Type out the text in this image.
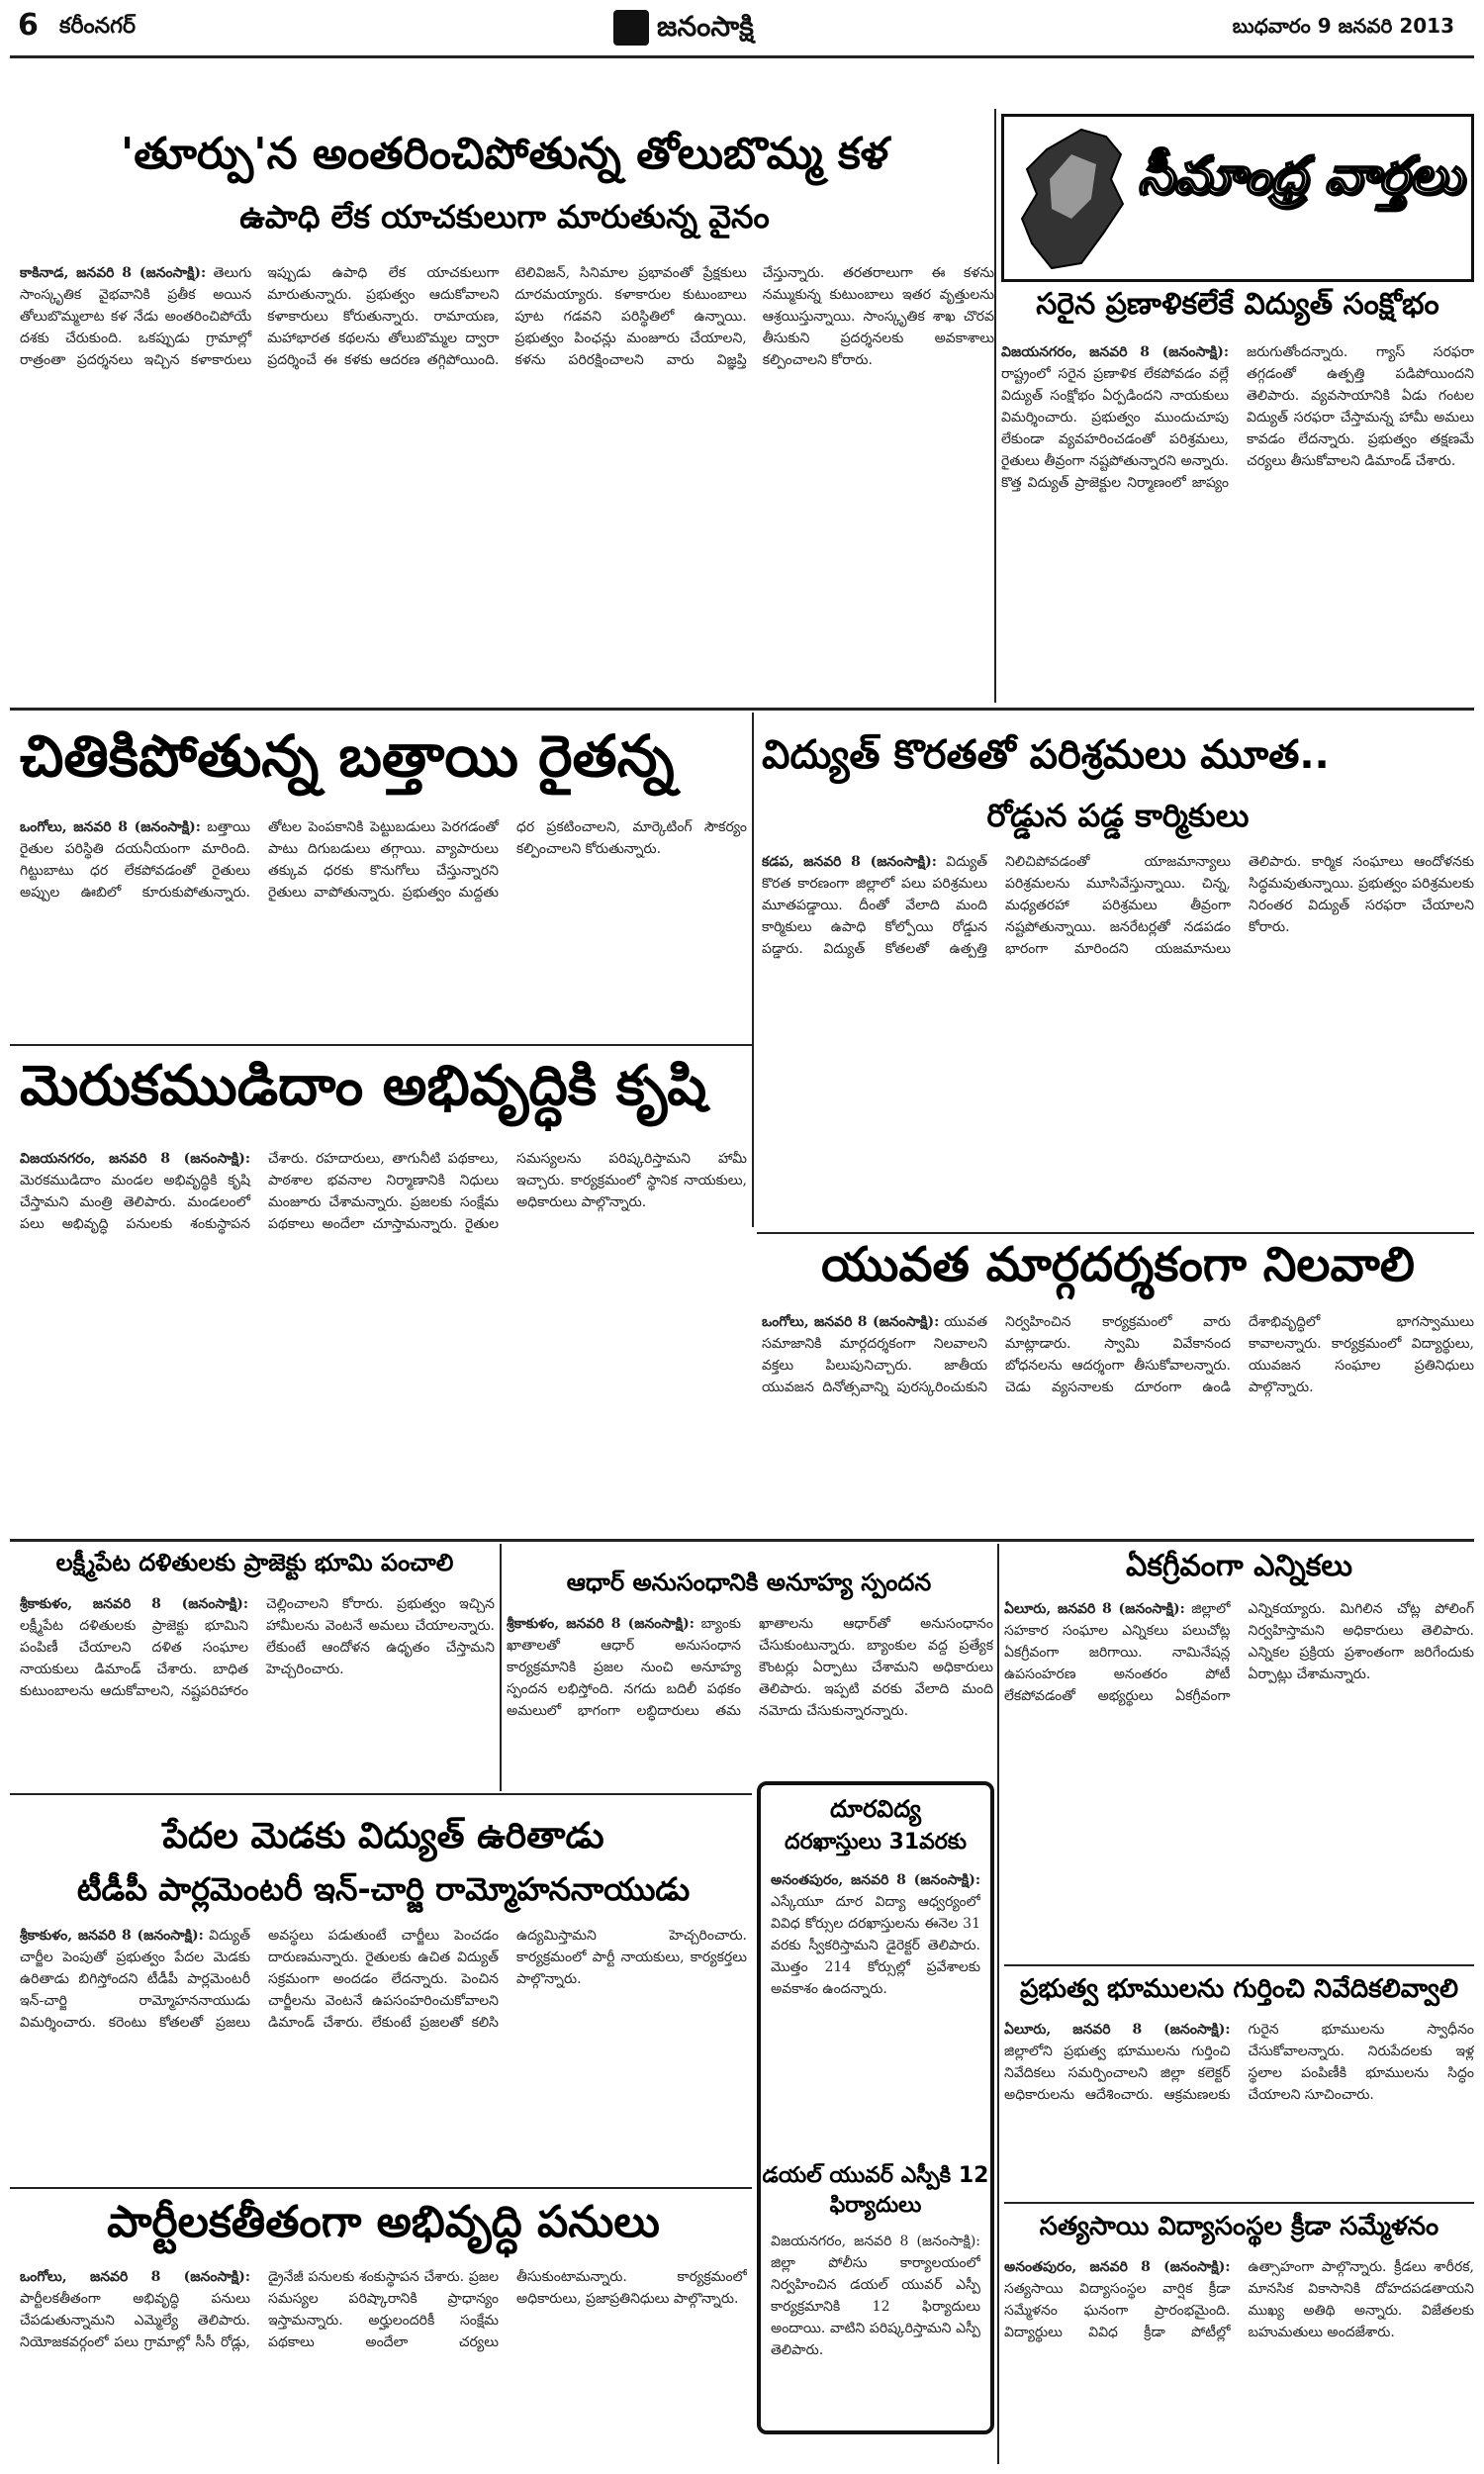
6 కరీంనగర్	జనంసాక్షి	బుధవారం 9 జనవరి 2013
'తూర్పు'న అంతరించిపోతున్న తోలుబొమ్మ కళ
ఉపాధి లేక యాచకులుగా మారుతున్న వైనం
కాకినాడ, జనవరి 8 (జనంసాక్షి): తెలుగు సాంస్కృతిక వైభవానికి ప్రతీక అయిన తోలుబొమ్మలాట కళ నేడు అంతరించిపోయే దశకు చేరుకుంది. ఒకప్పుడు గ్రామాల్లో రాత్రంతా ప్రదర్శనలు ఇచ్చిన కళాకారులు ఇప్పుడు ఉపాధి లేక యాచకులుగా మారుతున్నారు. ప్రభుత్వం ఆదుకోవాలని కళాకారులు కోరుతున్నారు. రామాయణ, మహాభారత కథలను తోలుబొమ్మల ద్వారా ప్రదర్శించే ఈ కళకు ఆదరణ తగ్గిపోయింది. టెలివిజన్, సినిమాల ప్రభావంతో ప్రేక్షకులు దూరమయ్యారు. కళాకారుల కుటుంబాలు పూట గడవని పరిస్థితిలో ఉన్నాయి. ప్రభుత్వం పింఛన్లు మంజూరు చేయాలని, కళను పరిరక్షించాలని వారు విజ్ఞప్తి చేస్తున్నారు. తరతరాలుగా ఈ కళను నమ్ముకున్న కుటుంబాలు ఇతర వృత్తులను ఆశ్రయిస్తున్నాయి. సాంస్కృతిక శాఖ చొరవ తీసుకుని ప్రదర్శనలకు అవకాశాలు కల్పించాలని కోరారు.
సీమాంధ్ర వార్తలు
సరైన ప్రణాళికలేకే విద్యుత్ సంక్షోభం
విజయనగరం, జనవరి 8 (జనంసాక్షి): రాష్ట్రంలో సరైన ప్రణాళిక లేకపోవడం వల్లే విద్యుత్ సంక్షోభం ఏర్పడిందని నాయకులు విమర్శించారు. ప్రభుత్వం ముందుచూపు లేకుండా వ్యవహరించడంతో పరిశ్రమలు, రైతులు తీవ్రంగా నష్టపోతున్నారని అన్నారు. కొత్త విద్యుత్ ప్రాజెక్టుల నిర్మాణంలో జాప్యం జరుగుతోందన్నారు. గ్యాస్ సరఫరా తగ్గడంతో ఉత్పత్తి పడిపోయిందని తెలిపారు. వ్యవసాయానికి ఏడు గంటల విద్యుత్ సరఫరా చేస్తామన్న హామీ అమలు కావడం లేదన్నారు. ప్రభుత్వం తక్షణమే చర్యలు తీసుకోవాలని డిమాండ్ చేశారు.
చితికిపోతున్న బత్తాయి రైతన్న
ఒంగోలు, జనవరి 8 (జనంసాక్షి): బత్తాయి రైతుల పరిస్థితి దయనీయంగా మారింది. గిట్టుబాటు ధర లేకపోవడంతో రైతులు అప్పుల ఊబిలో కూరుకుపోతున్నారు. తోటల పెంపకానికి పెట్టుబడులు పెరగడంతో పాటు దిగుబడులు తగ్గాయి. వ్యాపారులు తక్కువ ధరకు కొనుగోలు చేస్తున్నారని రైతులు వాపోతున్నారు. ప్రభుత్వం మద్దతు ధర ప్రకటించాలని, మార్కెటింగ్ సౌకర్యం కల్పించాలని కోరుతున్నారు.
విద్యుత్ కొరతతో పరిశ్రమలు మూత..
రోడ్డున పడ్డ కార్మికులు
కడప, జనవరి 8 (జనంసాక్షి): విద్యుత్ కొరత కారణంగా జిల్లాలో పలు పరిశ్రమలు మూతపడ్డాయి. దీంతో వేలాది మంది కార్మికులు ఉపాధి కోల్పోయి రోడ్డున పడ్డారు. విద్యుత్ కోతలతో ఉత్పత్తి నిలిచిపోవడంతో యాజమాన్యాలు పరిశ్రమలను మూసివేస్తున్నాయి. చిన్న, మధ్యతరహా పరిశ్రమలు తీవ్రంగా నష్టపోతున్నాయి. జనరేటర్లతో నడపడం భారంగా మారిందని యజమానులు తెలిపారు. కార్మిక సంఘాలు ఆందోళనకు సిద్ధమవుతున్నాయి. ప్రభుత్వం పరిశ్రమలకు నిరంతర విద్యుత్ సరఫరా చేయాలని కోరారు.
మెరుకముడిదాం అభివృద్ధికి కృషి
విజయనగరం, జనవరి 8 (జనంసాక్షి): మెరకముడిదాం మండల అభివృద్ధికి కృషి చేస్తామని మంత్రి తెలిపారు. మండలంలో పలు అభివృద్ధి పనులకు శంకుస్థాపన చేశారు. రహదారులు, తాగునీటి పథకాలు, పాఠశాల భవనాల నిర్మాణానికి నిధులు మంజూరు చేశామన్నారు. ప్రజలకు సంక్షేమ పథకాలు అందేలా చూస్తామన్నారు. రైతుల సమస్యలను పరిష్కరిస్తామని హామీ ఇచ్చారు. కార్యక్రమంలో స్థానిక నాయకులు, అధికారులు పాల్గొన్నారు.
యువత మార్గదర్శకంగా నిలవాలి
ఒంగోలు, జనవరి 8 (జనంసాక్షి): యువత సమాజానికి మార్గదర్శకంగా నిలవాలని వక్తలు పిలుపునిచ్చారు. జాతీయ యువజన దినోత్సవాన్ని పురస్కరించుకుని నిర్వహించిన కార్యక్రమంలో వారు మాట్లాడారు. స్వామి వివేకానంద బోధనలను ఆదర్శంగా తీసుకోవాలన్నారు. చెడు వ్యసనాలకు దూరంగా ఉండి దేశాభివృద్ధిలో భాగస్వాములు కావాలన్నారు. కార్యక్రమంలో విద్యార్థులు, యువజన సంఘాల ప్రతినిధులు పాల్గొన్నారు.
ఏకగ్రీవంగా ఎన్నికలు
ఏలూరు, జనవరి 8 (జనంసాక్షి): జిల్లాలో సహకార సంఘాల ఎన్నికలు పలుచోట్ల ఏకగ్రీవంగా జరిగాయి. నామినేషన్ల ఉపసంహరణ అనంతరం పోటీ లేకపోవడంతో అభ్యర్థులు ఏకగ్రీవంగా ఎన్నికయ్యారు. మిగిలిన చోట్ల పోలింగ్ నిర్వహిస్తామని అధికారులు తెలిపారు. ఎన్నికల ప్రక్రియ ప్రశాంతంగా జరిగేందుకు ఏర్పాట్లు చేశామన్నారు.
లక్ష్మీపేట దళితులకు ప్రాజెక్టు భూమి పంచాలి
శ్రీకాకుళం, జనవరి 8 (జనంసాక్షి): లక్ష్మీపేట దళితులకు ప్రాజెక్టు భూమిని పంపిణీ చేయాలని దళిత సంఘాల నాయకులు డిమాండ్ చేశారు. బాధిత కుటుంబాలను ఆదుకోవాలని, నష్టపరిహారం చెల్లించాలని కోరారు. ప్రభుత్వం ఇచ్చిన హామీలను వెంటనే అమలు చేయాలన్నారు. లేకుంటే ఆందోళన ఉధృతం చేస్తామని హెచ్చరించారు.
ఆధార్ అనుసంధానికి అనూహ్య స్పందన
శ్రీకాకుళం, జనవరి 8 (జనంసాక్షి): బ్యాంకు ఖాతాలతో ఆధార్ అనుసంధాన కార్యక్రమానికి ప్రజల నుంచి అనూహ్య స్పందన లభిస్తోంది. నగదు బదిలీ పథకం అమలులో భాగంగా లబ్ధిదారులు తమ ఖాతాలను ఆధార్‌తో అనుసంధానం చేసుకుంటున్నారు. బ్యాంకుల వద్ద ప్రత్యేక కౌంటర్లు ఏర్పాటు చేశామని అధికారులు తెలిపారు. ఇప్పటి వరకు వేలాది మంది నమోదు చేసుకున్నారన్నారు.
ప్రభుత్వ భూములను గుర్తించి నివేదికలివ్వాలి
ఏలూరు, జనవరి 8 (జనంసాక్షి): జిల్లాలోని ప్రభుత్వ భూములను గుర్తించి నివేదికలు సమర్పించాలని జిల్లా కలెక్టర్ అధికారులను ఆదేశించారు. ఆక్రమణలకు గురైన భూములను స్వాధీనం చేసుకోవాలన్నారు. నిరుపేదలకు ఇళ్ల స్థలాల పంపిణీకి భూములను సిద్ధం చేయాలని సూచించారు.
సత్యసాయి విద్యాసంస్థల క్రీడా సమ్మేళనం
అనంతపురం, జనవరి 8 (జనంసాక్షి): సత్యసాయి విద్యాసంస్థల వార్షిక క్రీడా సమ్మేళనం ఘనంగా ప్రారంభమైంది. విద్యార్థులు వివిధ క్రీడా పోటీల్లో ఉత్సాహంగా పాల్గొన్నారు. క్రీడలు శారీరక, మానసిక వికాసానికి దోహదపడతాయని ముఖ్య అతిథి అన్నారు. విజేతలకు బహుమతులు అందజేశారు.
పేదల మెడకు విద్యుత్ ఉరితాడు
టీడీపీ పార్లమెంటరీ ఇన్-చార్జి రామ్మోహననాయుడు
శ్రీకాకుళం, జనవరి 8 (జనంసాక్షి): విద్యుత్ చార్జీల పెంపుతో ప్రభుత్వం పేదల మెడకు ఉరితాడు బిగిస్తోందని టీడీపీ పార్లమెంటరీ ఇన్-చార్జి రామ్మోహననాయుడు విమర్శించారు. కరెంటు కోతలతో ప్రజలు అవస్థలు పడుతుంటే చార్జీలు పెంచడం దారుణమన్నారు. రైతులకు ఉచిత విద్యుత్ సక్రమంగా అందడం లేదన్నారు. పెంచిన చార్జీలను వెంటనే ఉపసంహరించుకోవాలని డిమాండ్ చేశారు. లేకుంటే ప్రజలతో కలిసి ఉద్యమిస్తామని హెచ్చరించారు. కార్యక్రమంలో పార్టీ నాయకులు, కార్యకర్తలు పాల్గొన్నారు.
పార్టీలకతీతంగా అభివృద్ధి పనులు
ఒంగోలు, జనవరి 8 (జనంసాక్షి): పార్టీలకతీతంగా అభివృద్ధి పనులు చేపడుతున్నామని ఎమ్మెల్యే తెలిపారు. నియోజకవర్గంలో పలు గ్రామాల్లో సీసీ రోడ్లు, డ్రైనేజీ పనులకు శంకుస్థాపన చేశారు. ప్రజల సమస్యల పరిష్కారానికి ప్రాధాన్యం ఇస్తామన్నారు. అర్హులందరికీ సంక్షేమ పథకాలు అందేలా చర్యలు తీసుకుంటామన్నారు. కార్యక్రమంలో అధికారులు, ప్రజాప్రతినిధులు పాల్గొన్నారు.
దూరవిద్య
దరఖాస్తులు 31వరకు
అనంతపురం, జనవరి 8 (జనంసాక్షి): ఎస్కేయూ దూర విద్యా ఆధ్వర్యంలో వివిధ కోర్సుల దరఖాస్తులను ఈనెల 31 వరకు స్వీకరిస్తామని డైరెక్టర్ తెలిపారు. మొత్తం 214 కోర్సుల్లో ప్రవేశాలకు అవకాశం ఉందన్నారు.
డయల్ యువర్ ఎస్పీకి 12 ఫిర్యాదులు
విజయనగరం, జనవరి 8 (జనంసాక్షి): జిల్లా పోలీసు కార్యాలయంలో నిర్వహించిన డయల్ యువర్ ఎస్పీ కార్యక్రమానికి 12 ఫిర్యాదులు అందాయి. వాటిని పరిష్కరిస్తామని ఎస్పీ తెలిపారు.
